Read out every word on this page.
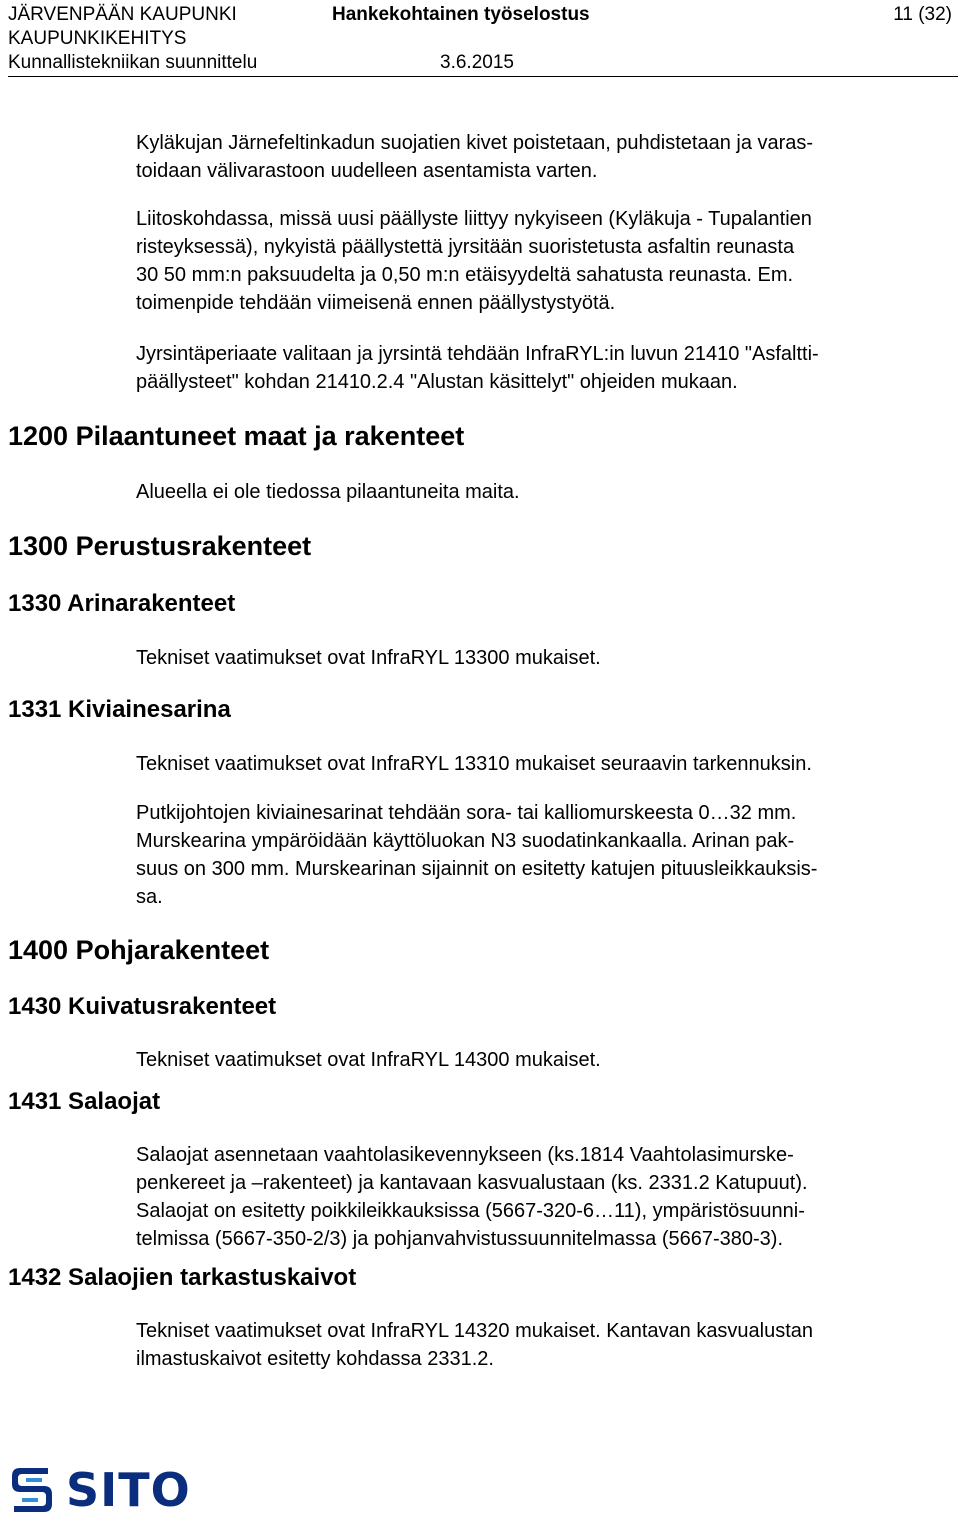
JÄRVENPÄÄN KAUPUNKI
KAUPUNKIKEHITYS
Kunnallistekniikan suunnittelu
Hankekohtainen työselostus
3.6.2015
11 (32)

Kyläkujan Järnefeltinkadun suojatien kivet poistetaan, puhdistetaan ja varas-
toidaan välivarastoon uudelleen asentamista varten.

Liitoskohdassa, missä uusi päällyste liittyy nykyiseen (Kyläkuja - Tupalantien
risteyksessä), nykyistä päällystettä jyrsitään suoristetusta asfaltin reunasta
30 50 mm:n paksuudelta ja 0,50 m:n etäisyydeltä sahatusta reunasta. Em.
toimenpide tehdään viimeisenä ennen päällystystyötä.

Jyrsintäperiaate valitaan ja jyrsintä tehdään InfraRYL:in luvun 21410 "Asfaltti-
päällysteet" kohdan 21410.2.4 "Alustan käsittelyt" ohjeiden mukaan.

1200 Pilaantuneet maat ja rakenteet

Alueella ei ole tiedossa pilaantuneita maita.

1300 Perustusrakenteet
1330 Arinarakenteet

Tekniset vaatimukset ovat InfraRYL 13300 mukaiset.

1331 Kiviainesarina

Tekniset vaatimukset ovat InfraRYL 13310 mukaiset seuraavin tarkennuksin.

Putkijohtojen kiviainesarinat tehdään sora- tai kalliomurskeesta 0…32 mm.
Murskearina ympäröidään käyttöluokan N3 suodatinkankaalla. Arinan pak-
suus on 300 mm. Murskearinan sijainnit on esitetty katujen pituusleikkauksis-
sa.

1400 Pohjarakenteet
1430 Kuivatusrakenteet

Tekniset vaatimukset ovat InfraRYL 14300 mukaiset.

1431 Salaojat

Salaojat asennetaan vaahtolasikevennykseen (ks.1814 Vaahtolasimurske-
penkereet ja –rakenteet) ja kantavaan kasvualustaan (ks. 2331.2 Katupuut).
Salaojat on esitetty poikkileikkauksissa (5667-320-6…11), ympäristösuunni-
telmissa (5667-350-2/3) ja pohjanvahvistussuunnitelmassa (5667-380-3).

1432 Salaojien tarkastuskaivot

Tekniset vaatimukset ovat InfraRYL 14320 mukaiset. Kantavan kasvualustan
ilmastuskaivot esitetty kohdassa 2331.2.

SITO
